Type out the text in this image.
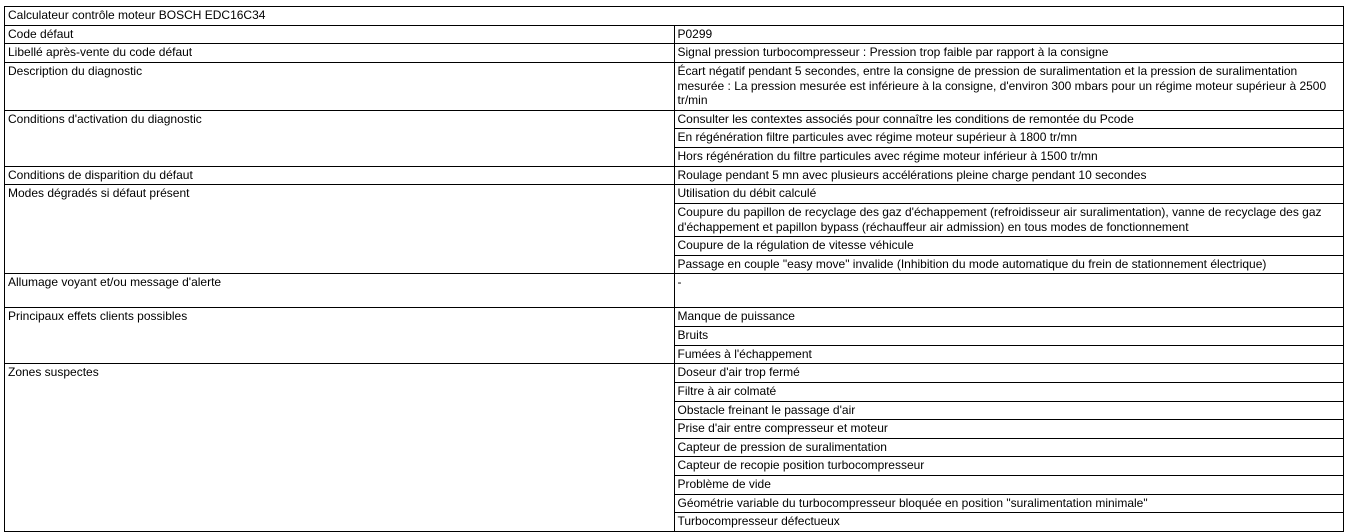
Calculateur contrôle moteur BOSCH EDC16C34	
Code défaut	P0299
Libellé après-vente du code défaut	Signal pression turbocompresseur : Pression trop faible par rapport à la consigne
Description du diagnostic	Écart négatif pendant 5 secondes, entre la consigne de pression de suralimentation et la pression de suralimentation mesurée : La pression mesurée est inférieure à la consigne, d'environ 300 mbars pour un régime moteur supérieur à 2500 tr/min
Conditions d'activation du diagnostic	Consulter les contextes associés pour connaître les conditions de remontée du Pcode
	En régénération filtre particules avec régime moteur supérieur à 1800 tr/mn
	Hors régénération du filtre particules avec régime moteur inférieur à 1500 tr/mn
Conditions de disparition du défaut	Roulage pendant 5 mn avec plusieurs accélérations pleine charge pendant 10 secondes
Modes dégradés si défaut présent	Utilisation du débit calculé
	Coupure du papillon de recyclage des gaz d'échappement (refroidisseur air suralimentation), vanne de recyclage des gaz d'échappement et papillon bypass (réchauffeur air admission) en tous modes de fonctionnement
	Coupure de la régulation de vitesse véhicule
	Passage en couple "easy move" invalide (Inhibition du mode automatique du frein de stationnement électrique)
Allumage voyant et/ou message d'alerte	-
Principaux effets clients possibles	Manque de puissance
	Bruits
	Fumées à l'échappement
Zones suspectes	Doseur d'air trop fermé
	Filtre à air colmaté
	Obstacle freinant le passage d'air
	Prise d'air entre compresseur et moteur
	Capteur de pression de suralimentation
	Capteur de recopie position turbocompresseur
	Problème de vide
	Géométrie variable du turbocompresseur bloquée en position "suralimentation minimale"
	Turbocompresseur défectueux
